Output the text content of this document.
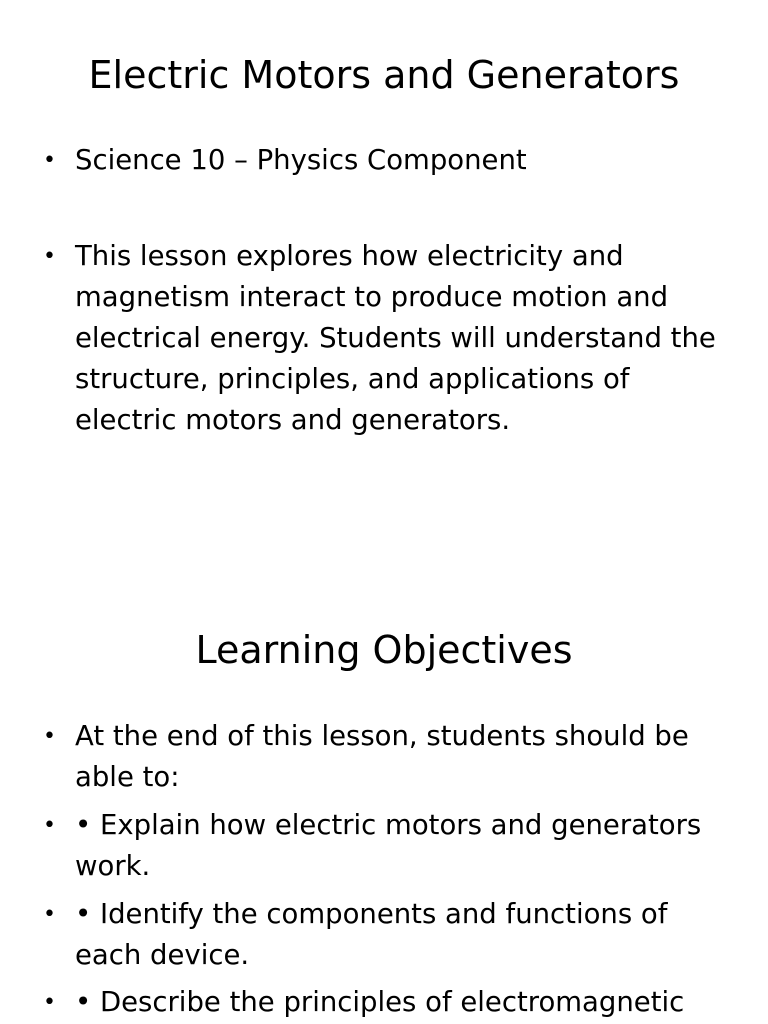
Electric Motors and Generators
• Science 10 – Physics Component
• This lesson explores how electricity and magnetism interact to produce motion and electrical energy. Students will understand the structure, principles, and applications of electric motors and generators.
Learning Objectives
• At the end of this lesson, students should be able to:
• • Explain how electric motors and generators work.
• • Identify the components and functions of each device.
• • Describe the principles of electromagnetic
